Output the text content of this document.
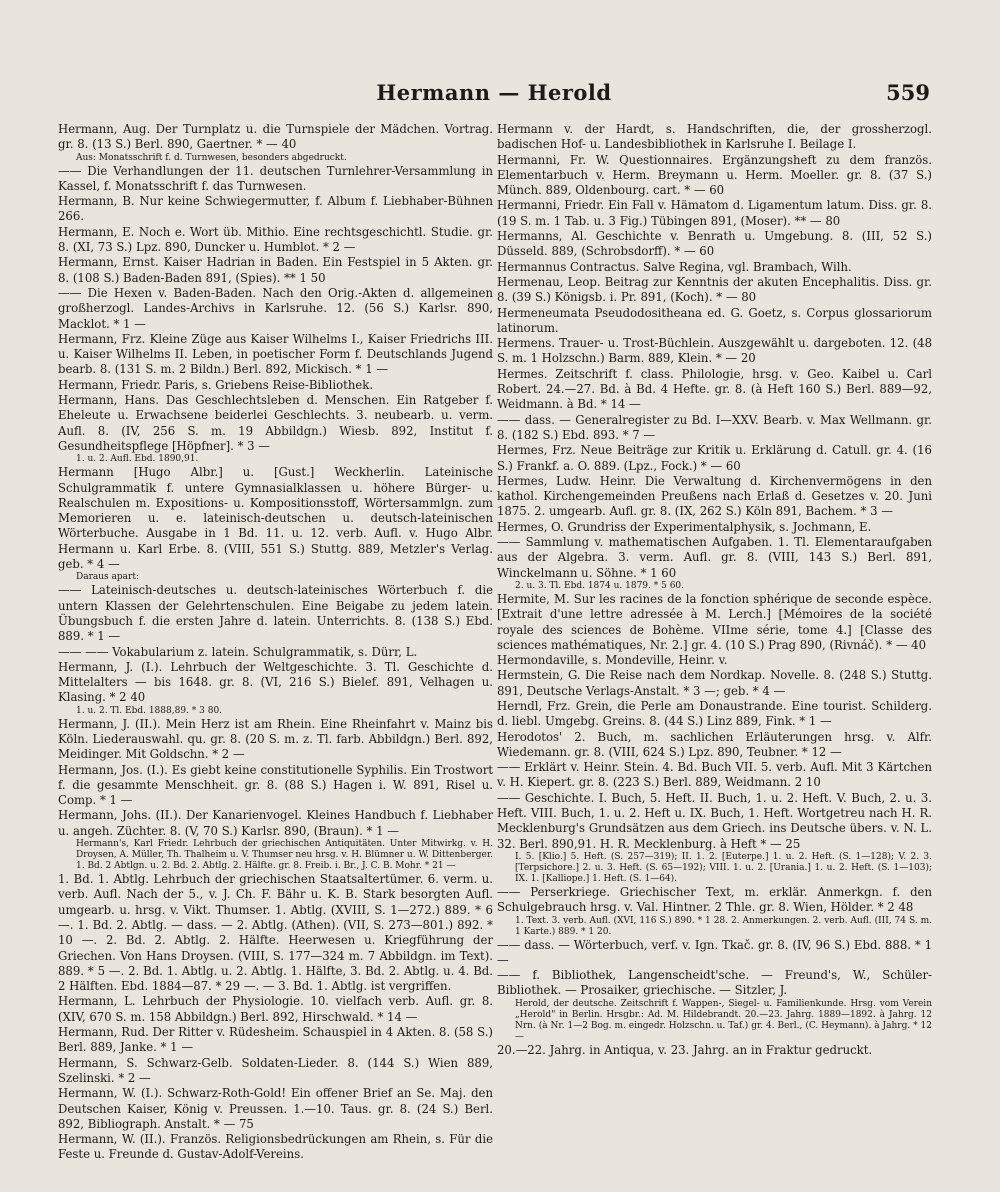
Hermann — Herold	559

Hermann, Aug. Der Turnplatz u. die Turnspiele der Mädchen. Vortrag. gr. 8. (13 S.) Berl. 890, Gaertner. * — 40

Aus: Monatsschrift f. d. Turnwesen, besonders abgedruckt.

—— Die Verhandlungen der 11. deutschen Turnlehrer-Versammlung in Kassel, f. Monatsschrift f. das Turnwesen.

Hermann, B. Nur keine Schwiegermutter, f. Album f. Liebhaber-Bühnen 266.

Hermann, E. Noch e. Wort üb. Mithio. Eine rechtsgeschichtl. Studie. gr. 8. (XI, 73 S.) Lpz. 890, Duncker u. Humblot. * 2 —

Hermann, Ernst. Kaiser Hadrian in Baden. Ein Festspiel in 5 Akten. gr. 8. (108 S.) Baden-Baden 891, (Spies). ** 1 50

—— Die Hexen v. Baden-Baden. Nach den Orig.-Akten d. allgemeinen großherzogl. Landes-Archivs in Karlsruhe. 12. (56 S.) Karlsr. 890, Macklot. * 1 —

Hermann, Frz. Kleine Züge aus Kaiser Wilhelms I., Kaiser Friedrichs III. u. Kaiser Wilhelms II. Leben, in poetischer Form f. Deutschlands Jugend bearb. 8. (131 S. m. 2 Bildn.) Berl. 892, Mickisch. * 1 —

Hermann, Friedr. Paris, s. Griebens Reise-Bibliothek.

Hermann, Hans. Das Geschlechtsleben d. Menschen. Ein Ratgeber f. Eheleute u. Erwachsene beiderlei Geschlechts. 3. neubearb. u. verm. Aufl. 8. (IV, 256 S. m. 19 Abbildgn.) Wiesb. 892, Institut f. Gesundheitspflege [Höpfner]. * 3 —

1. u. 2. Aufl. Ebd. 1890,91.

Hermann [Hugo Albr.] u. [Gust.] Weckherlin. Lateinische Schulgrammatik f. untere Gymnasialklassen u. höhere Bürger- u. Realschulen m. Expositions- u. Kompositionsstoff, Wörtersammlgn. zum Memorieren u. e. lateinisch-deutschen u. deutsch-lateinischen Wörterbuche. Ausgabe in 1 Bd. 11. u. 12. verb. Aufl. v. Hugo Albr. Hermann u. Karl Erbe. 8. (VIII, 551 S.) Stuttg. 889, Metzler's Verlag. geb. * 4 —

Daraus apart:

—— Lateinisch-deutsches u. deutsch-lateinisches Wörterbuch f. die untern Klassen der Gelehrtenschulen. Eine Beigabe zu jedem latein. Übungsbuch f. die ersten Jahre d. latein. Unterrichts. 8. (138 S.) Ebd. 889. * 1 —

—— —— Vokabularium z. latein. Schulgrammatik, s. Dürr, L.

Hermann, J. (I.). Lehrbuch der Weltgeschichte. 3. Tl. Geschichte d. Mittelalters — bis 1648. gr. 8. (VI, 216 S.) Bielef. 891, Velhagen u. Klasing. * 2 40

1. u. 2. Tl. Ebd. 1888,89. * 3 80.

Hermann, J. (II.). Mein Herz ist am Rhein. Eine Rheinfahrt v. Mainz bis Köln. Liederauswahl. qu. gr. 8. (20 S. m. z. Tl. farb. Abbildgn.) Berl. 892, Meidinger. Mit Goldschn. * 2 —

Hermann, Jos. (I.). Es giebt keine constitutionelle Syphilis. Ein Trostwort f. die gesammte Menschheit. gr. 8. (88 S.) Hagen i. W. 891, Risel u. Comp. * 1 —

Hermann, Johs. (II.). Der Kanarienvogel. Kleines Handbuch f. Liebhaber u. angeh. Züchter. 8. (V, 70 S.) Karlsr. 890, (Braun). * 1 —

Hermann's, Karl Friedr. Lehrbuch der griechischen Antiquitäten. Unter Mitwirkg. v. H. Droysen, A. Müller, Th. Thalheim u. V. Thumser neu hrsg. v. H. Blümner u. W. Dittenberger. 1. Bd. 2 Abtlgn. u. 2. Bd. 2. Abtlg. 2. Hälfte. gr. 8. Freib. i. Br., J. C. B. Mohr. * 21 —

1. Bd. 1. Abtlg. Lehrbuch der griechischen Staatsaltertümer. 6. verm. u. verb. Aufl. Nach der 5., v. J. Ch. F. Bähr u. K. B. Stark besorgten Aufl. umgearb. u. hrsg. v. Vikt. Thumser. 1. Abtlg. (XVIII, S. 1—272.) 889. * 6 —. 1. Bd. 2. Abtlg. — dass. — 2. Abtlg. (Athen). (VII, S. 273—801.) 892. * 10 —. 2. Bd. 2. Abtlg. 2. Hälfte. Heerwesen u. Kriegführung der Griechen. Von Hans Droysen. (VIII, S. 177—324 m. 7 Abbildgn. im Text). 889. * 5 —. 2. Bd. 1. Abtlg. u. 2. Abtlg. 1. Hälfte, 3. Bd. 2. Abtlg. u. 4. Bd. 2 Hälften. Ebd. 1884—87. * 29 —. — 3. Bd. 1. Abtlg. ist vergriffen.

Hermann, L. Lehrbuch der Physiologie. 10. vielfach verb. Aufl. gr. 8. (XIV, 670 S. m. 158 Abbildgn.) Berl. 892, Hirschwald. * 14 —

Hermann, Rud. Der Ritter v. Rüdesheim. Schauspiel in 4 Akten. 8. (58 S.) Berl. 889, Janke. * 1 —

Hermann, S. Schwarz-Gelb. Soldaten-Lieder. 8. (144 S.) Wien 889, Szelinski. * 2 —

Hermann, W. (I.). Schwarz-Roth-Gold! Ein offener Brief an Se. Maj. den Deutschen Kaiser, König v. Preussen. 1.—10. Taus. gr. 8. (24 S.) Berl. 892, Bibliograph. Anstalt. * — 75

Hermann, W. (II.). Französ. Religionsbedrückungen am Rhein, s. Für die Feste u. Freunde d. Gustav-Adolf-Vereins.

Hermann v. der Hardt, s. Handschriften, die, der grossherzogl. badischen Hof- u. Landesbibliothek in Karlsruhe I. Beilage I.

Hermanni, Fr. W. Questionnaires. Ergänzungsheft zu dem französ. Elementarbuch v. Herm. Breymann u. Herm. Moeller. gr. 8. (37 S.) Münch. 889, Oldenbourg. cart. * — 60

Hermanni, Friedr. Ein Fall v. Hämatom d. Ligamentum latum. Diss. gr. 8. (19 S. m. 1 Tab. u. 3 Fig.) Tübingen 891, (Moser). ** — 80

Hermanns, Al. Geschichte v. Benrath u. Umgebung. 8. (III, 52 S.) Düsseld. 889, (Schrobsdorff). * — 60

Hermannus Contractus. Salve Regina, vgl. Brambach, Wilh.

Hermenau, Leop. Beitrag zur Kenntnis der akuten Encephalitis. Diss. gr. 8. (39 S.) Königsb. i. Pr. 891, (Koch). * — 80

Hermeneumata Pseudodositheana ed. G. Goetz, s. Corpus glossariorum latinorum.

Hermens. Trauer- u. Trost-Büchlein. Auszgewählt u. dargeboten. 12. (48 S. m. 1 Holzschn.) Barm. 889, Klein. * — 20

Hermes. Zeitschrift f. class. Philologie, hrsg. v. Geo. Kaibel u. Carl Robert. 24.—27. Bd. à Bd. 4 Hefte. gr. 8. (à Heft 160 S.) Berl. 889—92, Weidmann. à Bd. * 14 —

—— dass. — Generalregister zu Bd. I—XXV. Bearb. v. Max Wellmann. gr. 8. (182 S.) Ebd. 893. * 7 —

Hermes, Frz. Neue Beiträge zur Kritik u. Erklärung d. Catull. gr. 4. (16 S.) Frankf. a. O. 889. (Lpz., Fock.) * — 60

Hermes, Ludw. Heinr. Die Verwaltung d. Kirchenvermögens in den kathol. Kirchengemeinden Preußens nach Erlaß d. Gesetzes v. 20. Juni 1875. 2. umgearb. Aufl. gr. 8. (IX, 262 S.) Köln 891, Bachem. * 3 —

Hermes, O. Grundriss der Experimentalphysik, s. Jochmann, E.

—— Sammlung v. mathematischen Aufgaben. 1. Tl. Elementaraufgaben aus der Algebra. 3. verm. Aufl. gr. 8. (VIII, 143 S.) Berl. 891, Winckelmann u. Söhne. * 1 60

2. u. 3. Tl. Ebd. 1874 u. 1879. * 5 60.

Hermite, M. Sur les racines de la fonction sphérique de seconde espèce. [Extrait d'une lettre adressée à M. Lerch.] [Mémoires de la société royale des sciences de Bohème. VIIme série, tome 4.] [Classe des sciences mathématiques, Nr. 2.] gr. 4. (10 S.) Prag 890, (Rivnáč). * — 40

Hermondaville, s. Mondeville, Heinr. v.

Hermstein, G. Die Reise nach dem Nordkap. Novelle. 8. (248 S.) Stuttg. 891, Deutsche Verlags-Anstalt. * 3 —; geb. * 4 —

Herndl, Frz. Grein, die Perle am Donaustrande. Eine tourist. Schilderg. d. liebl. Umgebg. Greins. 8. (44 S.) Linz 889, Fink. * 1 —

Herodotos' 2. Buch, m. sachlichen Erläuterungen hrsg. v. Alfr. Wiedemann. gr. 8. (VIII, 624 S.) Lpz. 890, Teubner. * 12 —

—— Erklärt v. Heinr. Stein. 4. Bd. Buch VII. 5. verb. Aufl. Mit 3 Kärtchen v. H. Kiepert. gr. 8. (223 S.) Berl. 889, Weidmann. 2 10

—— Geschichte. I. Buch, 5. Heft. II. Buch, 1. u. 2. Heft. V. Buch, 2. u. 3. Heft. VIII. Buch, 1. u. 2. Heft u. IX. Buch, 1. Heft. Wortgetreu nach H. R. Mecklenburg's Grundsätzen aus dem Griech. ins Deutsche übers. v. N. L. 32. Berl. 890,91. H. R. Mecklenburg. à Heft * — 25

I. 5. [Klio.] 5. Heft. (S. 257—319); II. 1. 2. [Euterpe.] 1. u. 2. Heft. (S. 1—128); V. 2. 3. [Terpsichore.] 2. u. 3. Heft. (S. 65—192); VIII. 1. u. 2. [Urania.] 1. u. 2. Heft. (S. 1—103); IX. 1. [Kalliope.] 1. Heft. (S. 1—64).

—— Perserkriege. Griechischer Text, m. erklär. Anmerkgn. f. den Schulgebrauch hrsg. v. Val. Hintner. 2 Thle. gr. 8. Wien, Hölder. * 2 48

1. Text. 3. verb. Aufl. (XVI, 116 S.) 890. * 1 28. 2. Anmerkungen. 2. verb. Aufl. (III, 74 S. m. 1 Karte.) 889. * 1 20.

—— dass. — Wörterbuch, verf. v. Ign. Tkač. gr. 8. (IV, 96 S.) Ebd. 888. * 1 —

—— f. Bibliothek, Langenscheidt'sche. — Freund's, W., Schüler-Bibliothek. — Prosaiker, griechische. — Sitzler, J.

Herold, der deutsche. Zeitschrift f. Wappen-, Siegel- u. Familienkunde. Hrsg. vom Verein „Herold" in Berlin. Hrsgbr.: Ad. M. Hildebrandt. 20.—23. Jahrg. 1889—1892. à Jahrg. 12 Nrn. (à Nr. 1—2 Bog. m. eingedr. Holzschn. u. Taf.) gr. 4. Berl., (C. Heymann). à Jahrg. * 12 —

20.—22. Jahrg. in Antiqua, v. 23. Jahrg. an in Fraktur gedruckt.
